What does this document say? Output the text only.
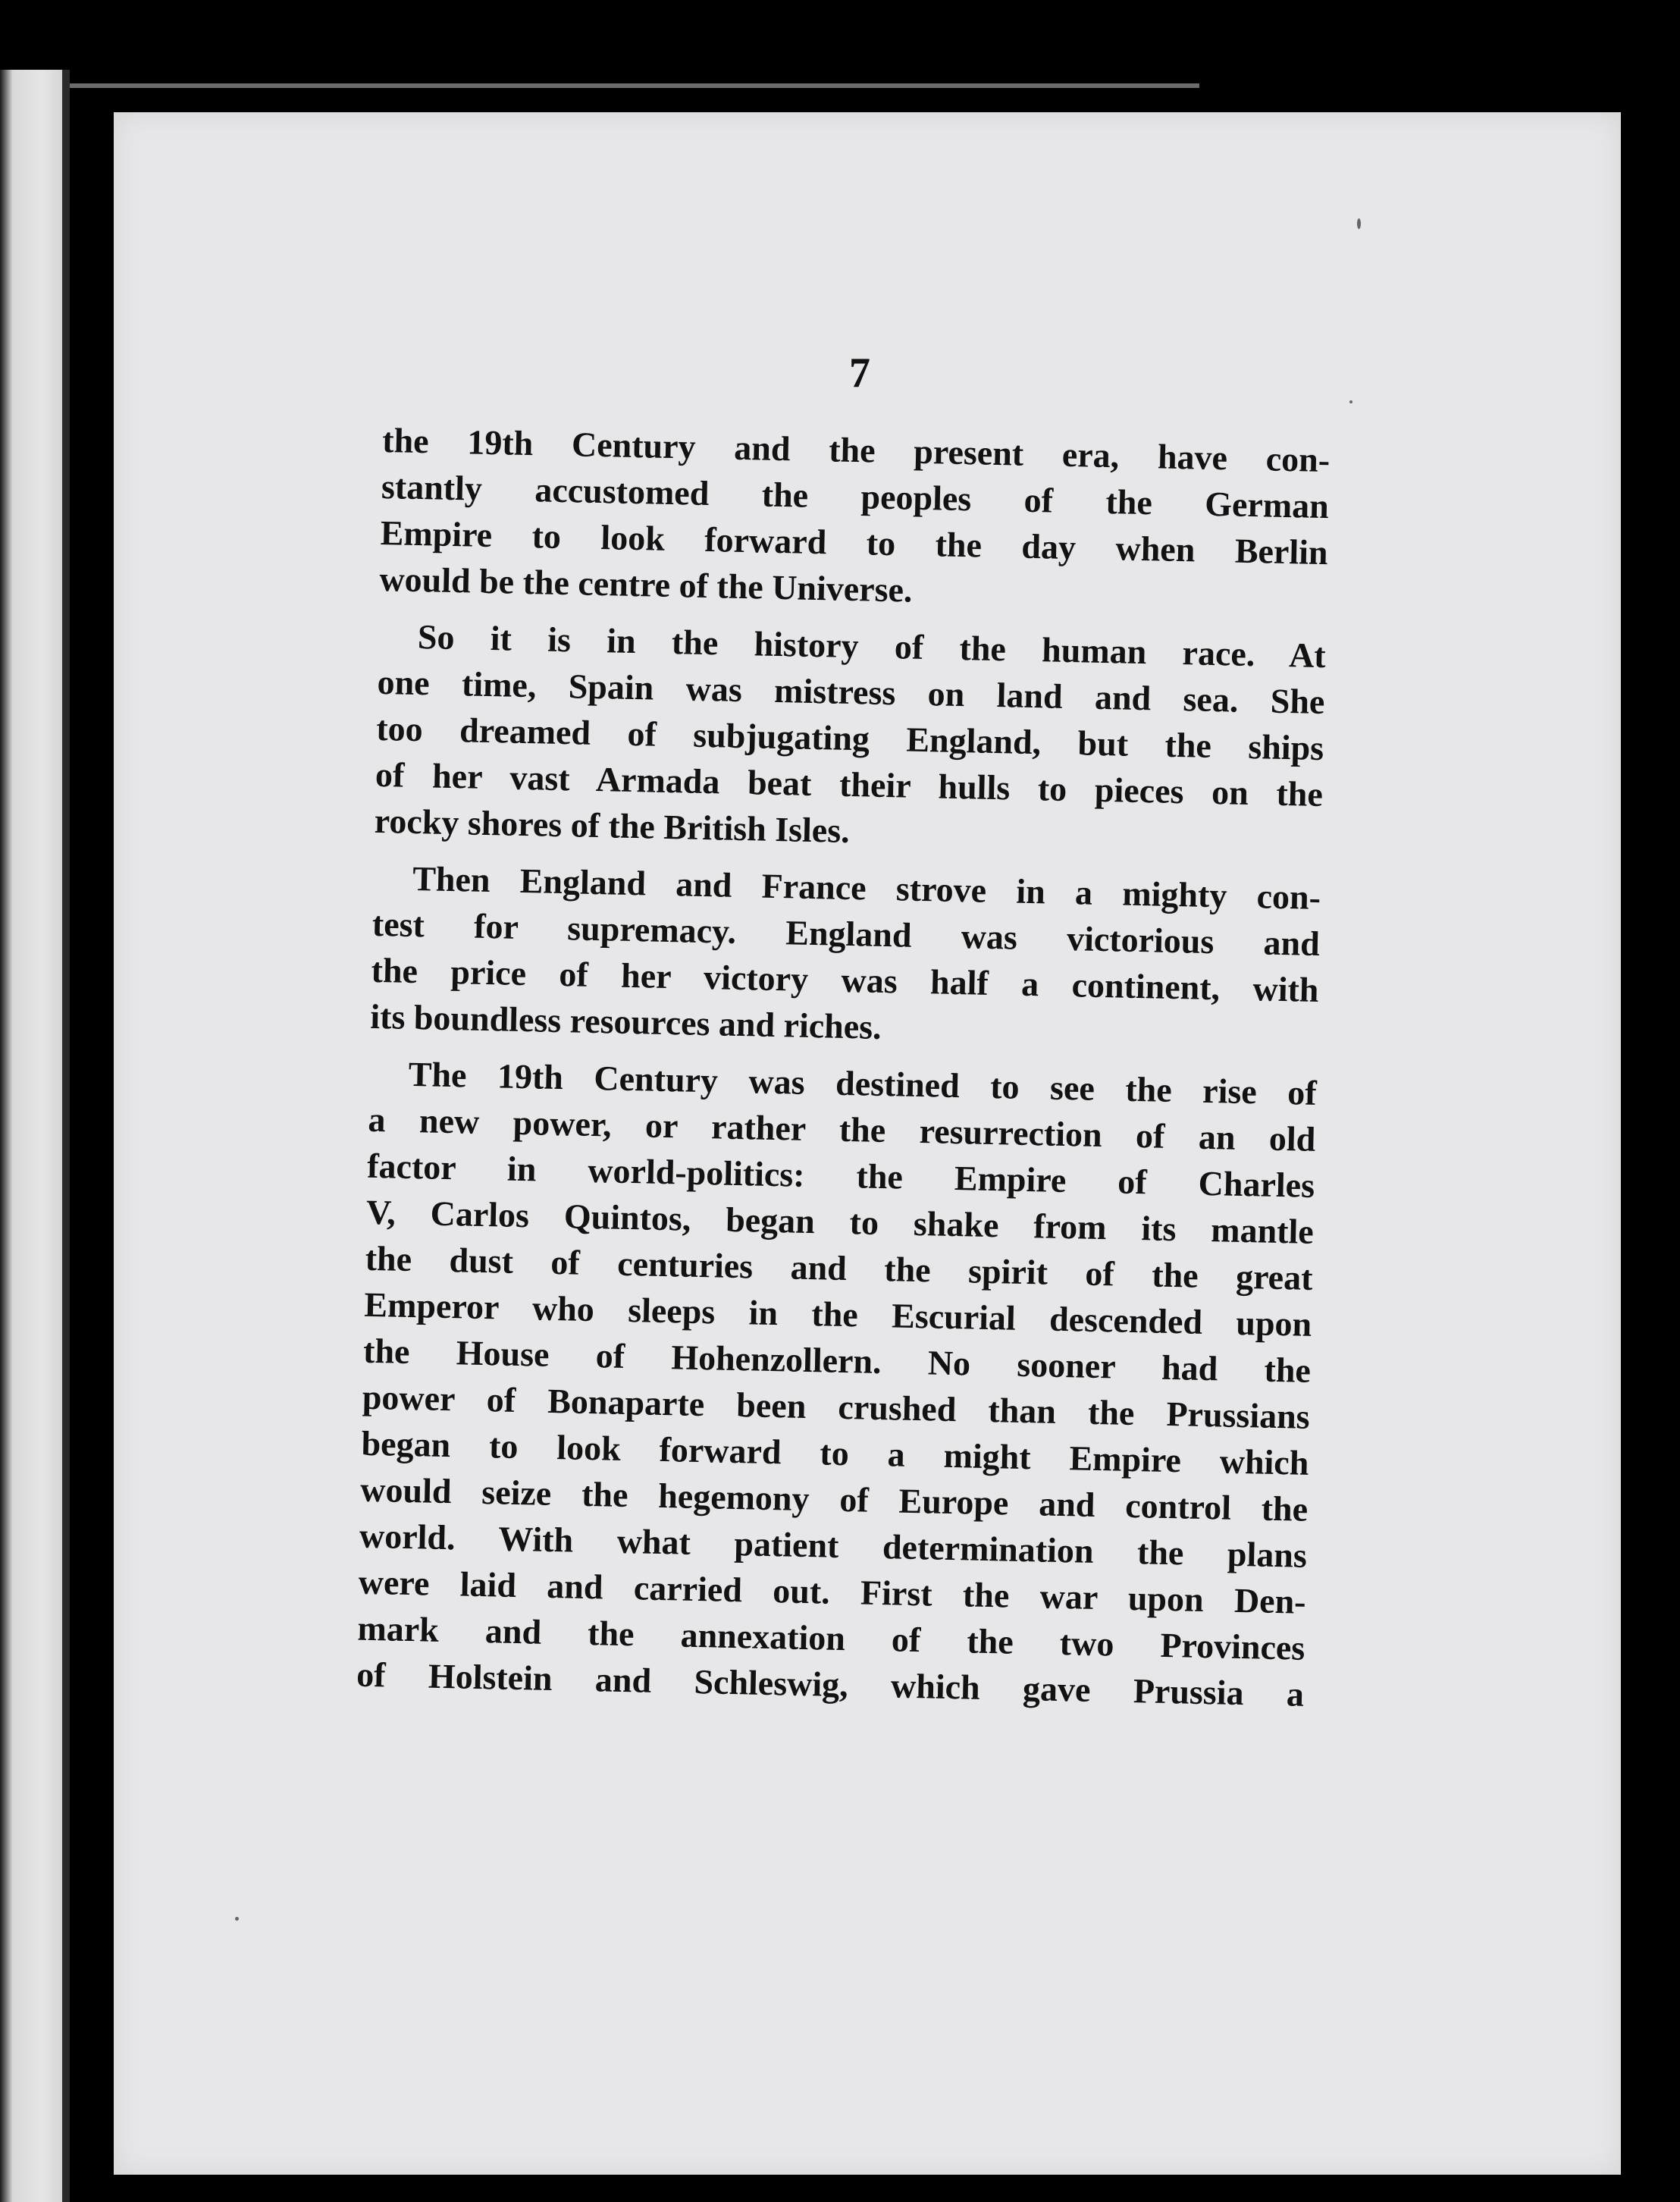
7

the 19th Century and the present era, have con-
stantly accustomed the peoples of the German
Empire to look forward to the day when Berlin
would be the centre of the Universe.

So it is in the history of the human race. At
one time, Spain was mistress on land and sea. She
too dreamed of subjugating England, but the ships
of her vast Armada beat their hulls to pieces on the
rocky shores of the British Isles.

Then England and France strove in a mighty con-
test for supremacy. England was victorious and
the price of her victory was half a continent, with
its boundless resources and riches.

The 19th Century was destined to see the rise of
a new power, or rather the resurrection of an old
factor in world-politics: the Empire of Charles
V, Carlos Quintos, began to shake from its mantle
the dust of centuries and the spirit of the great
Emperor who sleeps in the Escurial descended upon
the House of Hohenzollern. No sooner had the
power of Bonaparte been crushed than the Prussians
began to look forward to a might Empire which
would seize the hegemony of Europe and control the
world. With what patient determination the plans
were laid and carried out. First the war upon Den-
mark and the annexation of the two Provinces
of Holstein and Schleswig, which gave Prussia a
